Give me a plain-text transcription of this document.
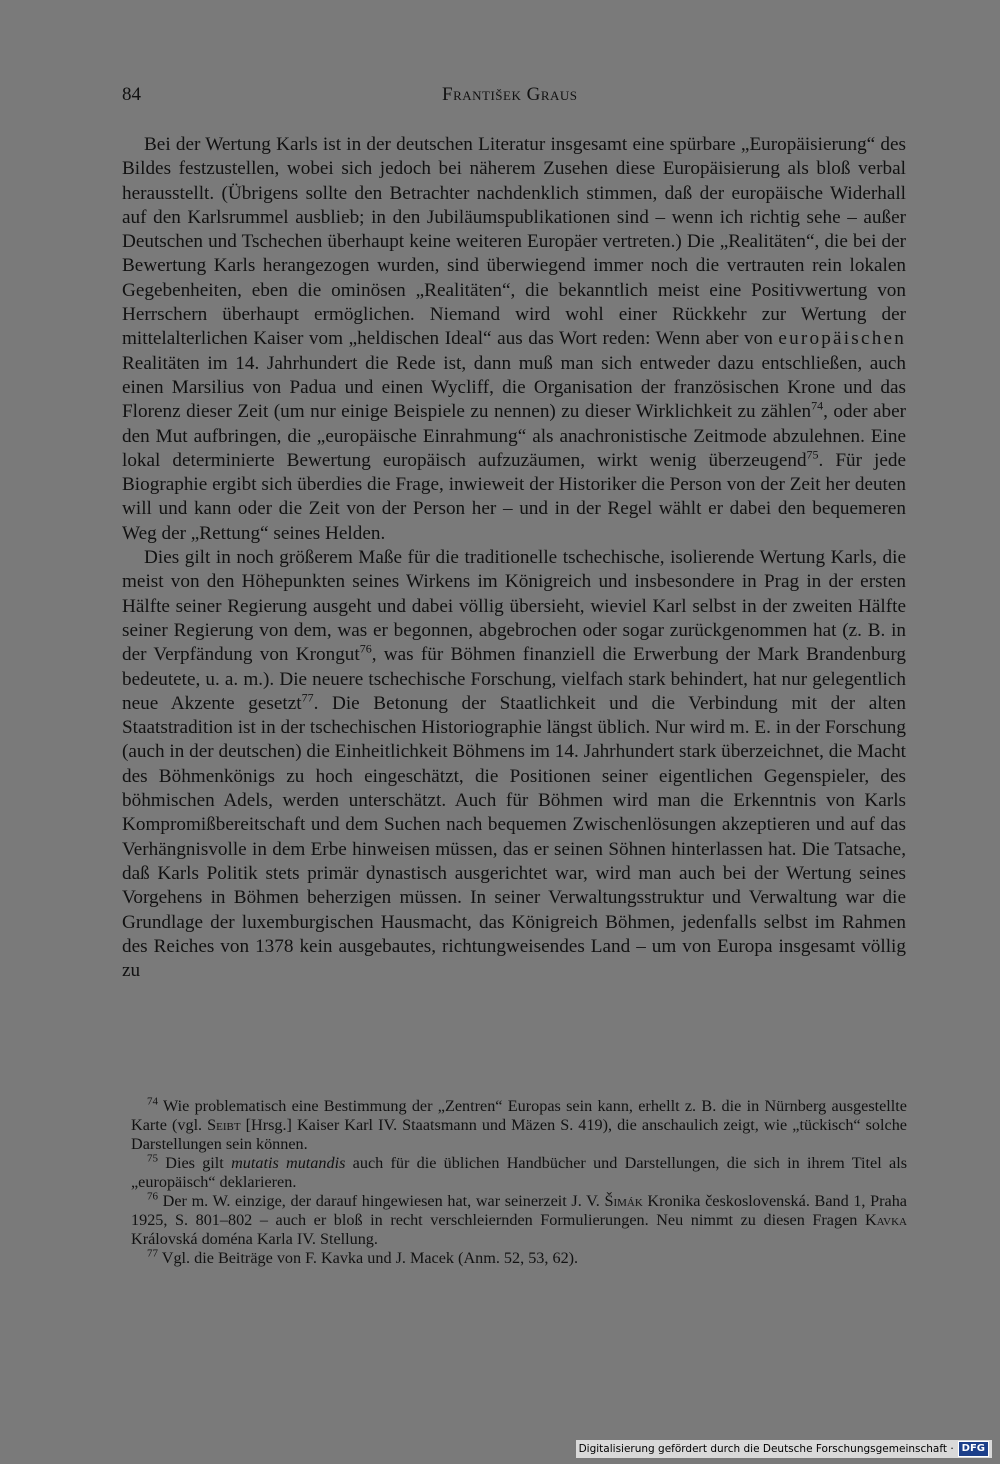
84	František Graus

Bei der Wertung Karls ist in der deutschen Literatur insgesamt eine spürbare „Europäisierung“ des Bildes festzustellen, wobei sich jedoch bei näherem Zusehen diese Europäisierung als bloß verbal herausstellt. (Übrigens sollte den Betrachter nachdenklich stimmen, daß der europäische Widerhall auf den Karlsrummel ausblieb; in den Jubiläumspublikationen sind – wenn ich richtig sehe – außer Deutschen und Tschechen überhaupt keine weiteren Europäer vertreten.) Die „Realitäten“, die bei der Bewertung Karls herangezogen wurden, sind überwiegend immer noch die vertrauten rein lokalen Gegebenheiten, eben die ominösen „Realitäten“, die bekanntlich meist eine Positivwertung von Herrschern überhaupt ermöglichen. Niemand wird wohl einer Rückkehr zur Wertung der mittelalterlichen Kaiser vom „heldischen Ideal“ aus das Wort reden: Wenn aber von europäischen Realitäten im 14. Jahrhundert die Rede ist, dann muß man sich entweder dazu entschließen, auch einen Marsilius von Padua und einen Wycliff, die Organisation der französischen Krone und das Florenz dieser Zeit (um nur einige Beispiele zu nennen) zu dieser Wirklichkeit zu zählen$^{74}$, oder aber den Mut aufbringen, die „europäische Einrahmung“ als anachronistische Zeitmode abzulehnen. Eine lokal determinierte Bewertung europäisch aufzuzäumen, wirkt wenig überzeugend$^{75}$. Für jede Biographie ergibt sich überdies die Frage, inwieweit der Historiker die Person von der Zeit her deuten will und kann oder die Zeit von der Person her – und in der Regel wählt er dabei den bequemeren Weg der „Rettung“ seines Helden.

Dies gilt in noch größerem Maße für die traditionelle tschechische, isolierende Wertung Karls, die meist von den Höhepunkten seines Wirkens im Königreich und insbesondere in Prag in der ersten Hälfte seiner Regierung ausgeht und dabei völlig übersieht, wieviel Karl selbst in der zweiten Hälfte seiner Regierung von dem, was er begonnen, abgebrochen oder sogar zurückgenommen hat (z. B. in der Verpfändung von Krongut$^{76}$, was für Böhmen finanziell die Erwerbung der Mark Brandenburg bedeutete, u. a. m.). Die neuere tschechische Forschung, vielfach stark behindert, hat nur gelegentlich neue Akzente gesetzt$^{77}$. Die Betonung der Staatlichkeit und die Verbindung mit der alten Staatstradition ist in der tschechischen Historiographie längst üblich. Nur wird m. E. in der Forschung (auch in der deutschen) die Einheitlichkeit Böhmens im 14. Jahrhundert stark überzeichnet, die Macht des Böhmenkönigs zu hoch eingeschätzt, die Positionen seiner eigentlichen Gegenspieler, des böhmischen Adels, werden unterschätzt. Auch für Böhmen wird man die Erkenntnis von Karls Kompromißbereitschaft und dem Suchen nach bequemen Zwischenlösungen akzeptieren und auf das Verhängnisvolle in dem Erbe hinweisen müssen, das er seinen Söhnen hinterlassen hat. Die Tatsache, daß Karls Politik stets primär dynastisch ausgerichtet war, wird man auch bei der Wertung seines Vorgehens in Böhmen beherzigen müssen. In seiner Verwaltungsstruktur und Verwaltung war die Grundlage der luxemburgischen Hausmacht, das Königreich Böhmen, jedenfalls selbst im Rahmen des Reiches von 1378 kein ausgebautes, richtungweisendes Land – um von Europa insgesamt völlig zu

$^{74}$ Wie problematisch eine Bestimmung der „Zentren“ Europas sein kann, erhellt z. B. die in Nürnberg ausgestellte Karte (vgl. Seibt [Hrsg.] Kaiser Karl IV. Staatsmann und Mäzen S. 419), die anschaulich zeigt, wie „tückisch“ solche Darstellungen sein können.

$^{75}$ Dies gilt mutatis mutandis auch für die üblichen Handbücher und Darstellungen, die sich in ihrem Titel als „europäisch“ deklarieren.

$^{76}$ Der m. W. einzige, der darauf hingewiesen hat, war seinerzeit J. V. Šimák Kronika československá. Band 1, Praha 1925, S. 801–802 – auch er bloß in recht verschleiernden Formulierungen. Neu nimmt zu diesen Fragen Kavka Královská doména Karla IV. Stellung.

$^{77}$ Vgl. die Beiträge von F. Kavka und J. Macek (Anm. 52, 53, 62).

Digitalisierung gefördert durch die Deutsche Forschungsgemeinschaft · DFG
